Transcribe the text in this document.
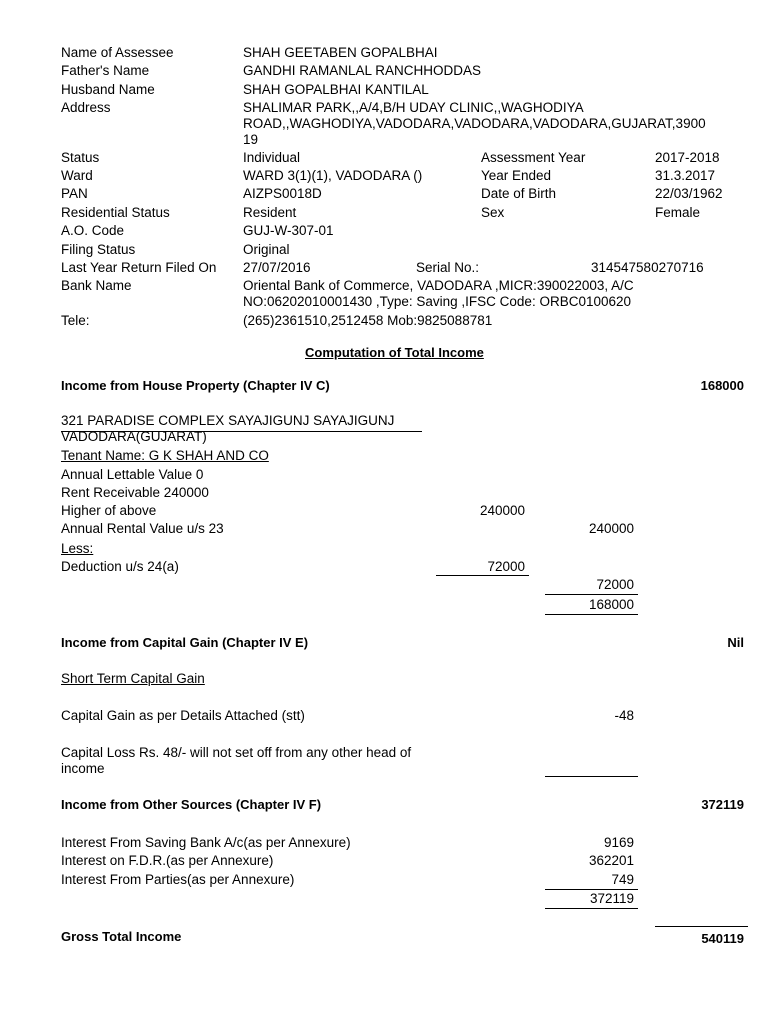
Name of Assessee	SHAH GEETABEN GOPALBHAI
Father's Name	GANDHI RAMANLAL RANCHHODDAS
Husband Name	SHAH GOPALBHAI KANTILAL
Address	SHALIMAR PARK,,A/4,B/H UDAY CLINIC,,WAGHODIYA
ROAD,,WAGHODIYA,VADODARA,VADODARA,VADODARA,GUJARAT,3900
19
Status	Individual	Assessment Year	2017-2018
Ward	WARD 3(1)(1), VADODARA ()	Year Ended	31.3.2017
PAN	AIZPS0018D	Date of Birth	22/03/1962
Residential Status	Resident	Sex	Female
A.O. Code	GUJ-W-307-01
Filing Status	Original
Last Year Return Filed On 27/07/2016	Serial No.:	314547580270716
Bank Name	Oriental Bank of Commerce, VADODARA ,MICR:390022003, A/C
NO:06202010001430 ,Type: Saving ,IFSC Code: ORBC0100620
Tele:	(265)2361510,2512458 Mob:9825088781
Computation of Total Income
Income from House Property (Chapter IV C)	168000
321 PARADISE COMPLEX SAYAJIGUNJ SAYAJIGUNJ
VADODARA(GUJARAT)
Tenant Name: G K SHAH AND CO
Annual Lettable Value 0
Rent Receivable 240000
Higher of above	240000
Annual Rental Value u/s 23	240000
Less:
Deduction u/s 24(a)	72000
72000
168000
Income from Capital Gain (Chapter IV E)	Nil
Short Term Capital Gain
Capital Gain as per Details Attached (stt)	-48
Capital Loss Rs. 48/- will not set off from any other head of
income
Income from Other Sources (Chapter IV F)	372119
Interest From Saving Bank A/c(as per Annexure)	9169
Interest on F.D.R.(as per Annexure)	362201
Interest From Parties(as per Annexure)	749
372119
Gross Total Income	540119
